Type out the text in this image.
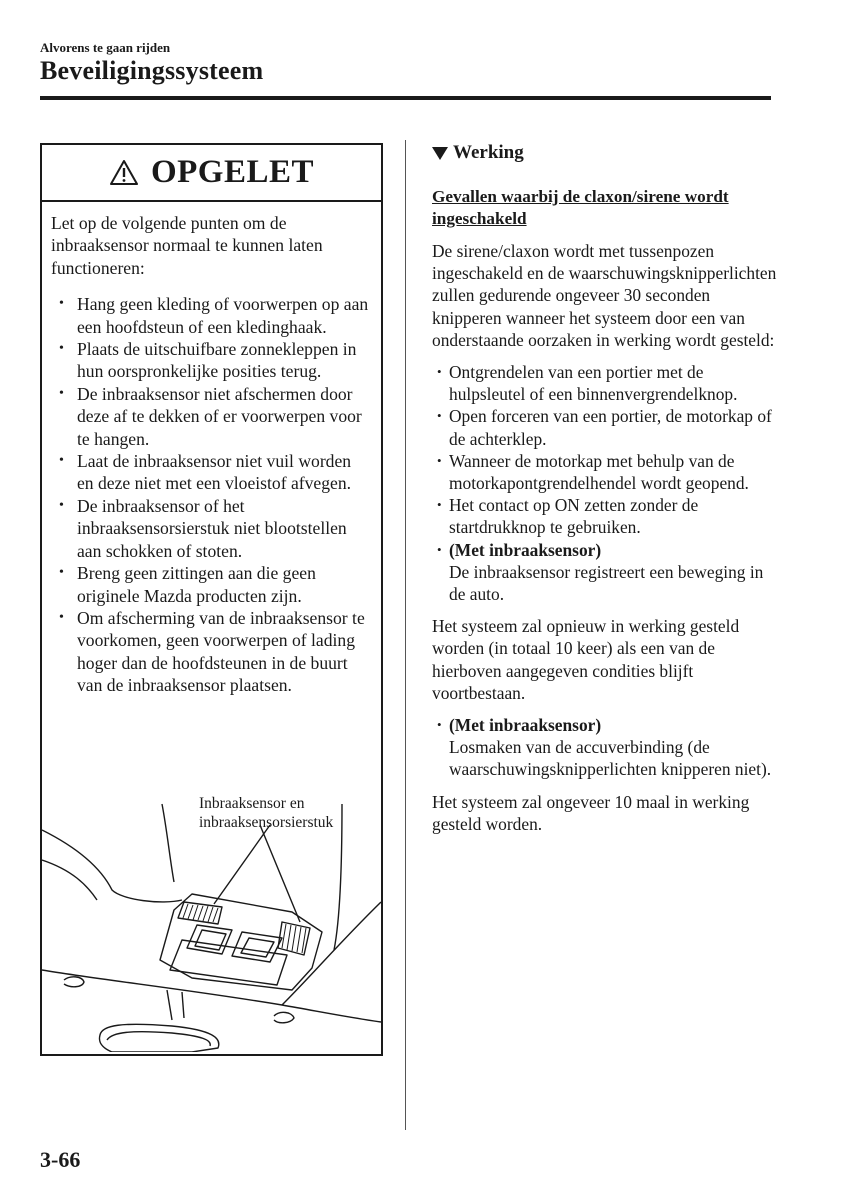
Alvorens te gaan rijden
Beveiligingssysteem
OPGELET
Let op de volgende punten om de inbraaksensor normaal te kunnen laten functioneren:
• Hang geen kleding of voorwerpen op aan een hoofdsteun of een kledinghaak.
• Plaats de uitschuifbare zonnekleppen in hun oorspronkelijke posities terug.
• De inbraaksensor niet afschermen door deze af te dekken of er voorwerpen voor te hangen.
• Laat de inbraaksensor niet vuil worden en deze niet met een vloeistof afvegen.
• De inbraaksensor of het inbraaksensorsierstuk niet blootstellen aan schokken of stoten.
• Breng geen zittingen aan die geen originele Mazda producten zijn.
• Om afscherming van de inbraaksensor te voorkomen, geen voorwerpen of lading hoger dan de hoofdsteunen in de buurt van de inbraaksensor plaatsen.
Inbraaksensor en
inbraaksensorsierstuk
Werking
Gevallen waarbij de claxon/sirene wordt ingeschakeld
De sirene/claxon wordt met tussenpozen ingeschakeld en de waarschuwingsknipperlichten zullen gedurende ongeveer 30 seconden knipperen wanneer het systeem door een van onderstaande oorzaken in werking wordt gesteld:
• Ontgrendelen van een portier met de hulpsleutel of een binnenvergrendelknop.
• Open forceren van een portier, de motorkap of de achterklep.
• Wanneer de motorkap met behulp van de motorkapontgrendelhendel wordt geopend.
• Het contact op ON zetten zonder de startdrukknop te gebruiken.
• (Met inbraaksensor)
De inbraaksensor registreert een beweging in de auto.
Het systeem zal opnieuw in werking gesteld worden (in totaal 10 keer) als een van de hierboven aangegeven condities blijft voortbestaan.
• (Met inbraaksensor)
Losmaken van de accuverbinding (de waarschuwingsknipperlichten knipperen niet).
Het systeem zal ongeveer 10 maal in werking gesteld worden.
3-66
